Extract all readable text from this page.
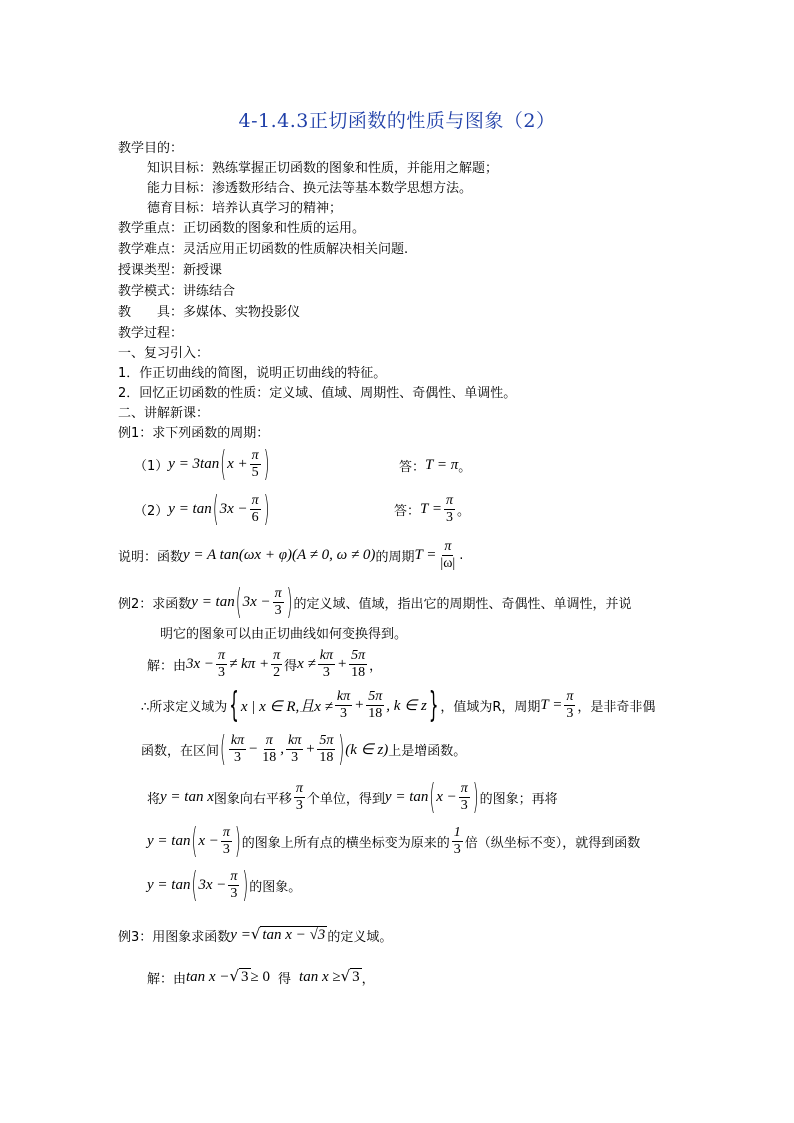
4-1.4.3正切函数的性质与图象（2）
教学目的：
知识目标：熟练掌握正切函数的图象和性质，并能用之解题；
能力目标：渗透数形结合、换元法等基本数学思想方法。
德育目标：培养认真学习的精神；
教学重点：正切函数的图象和性质的运用。
教学难点：灵活应用正切函数的性质解决相关问题.
授课类型：新授课
教学模式：讲练结合
教　　具：多媒体、实物投影仪
教学过程：
一、复习引入：
1．作正切曲线的简图，说明正切曲线的特征。
2．回忆正切函数的性质：定义域、值域、周期性、奇偶性、单调性。
二、讲解新课：
例1：求下列函数的周期：
（1） y = 3tan ( $x + \frac{\pi}{5}$ )	答： T = π 。
（2） y = tan ( $3x - \frac{\pi}{6}$ )	答： $T = \frac{\pi}{3}$ 。
说明：函数 y = A tan(ωx + φ)(A ≠ 0, ω ≠ 0) 的周期 $T = \frac{\pi}{|\omega|}$ .
例2：求函数 y = tan ( $3x - \frac{\pi}{3}$ ) 的定义域、值域，指出它的周期性、奇偶性、单调性，并说
明它的图象可以由正切曲线如何变换得到。
解：由 $3x - \frac{\pi}{3} \ne k\pi + \frac{\pi}{2}$ 得 $x \ne \frac{k\pi}{3} + \frac{5\pi}{18}$ ，
∴所求定义域为 { x | x ∈ R,且$x \ne \frac{k\pi}{3} + \frac{5\pi}{18}$ , k ∈ z } ，值域为R，周期 $T = \frac{\pi}{3}$ ，是非奇非偶
函数，在区间 ( $\frac{k\pi}{3} - \frac{\pi}{18}$ , $\frac{k\pi}{3} + \frac{5\pi}{18}$ ) (k ∈ z) 上是增函数。
将 y = tan x 图象向右平移 $\frac{\pi}{3}$ 个单位，得到 y = tan ( $x - \frac{\pi}{3}$ ) 的图象；再将
y = tan ( $x - \frac{\pi}{3}$ ) 的图象上所有点的横坐标变为原来的 $\frac{1}{3}$ 倍（纵坐标不变），就得到函数
y = tan ( $3x - \frac{\pi}{3}$ ) 的图象。
例3：用图象求函数 y = √ tan x − √3 的定义域。
解：由 tan x − √ 3 ≥ 0 得 tan x ≥ √ 3 ，
